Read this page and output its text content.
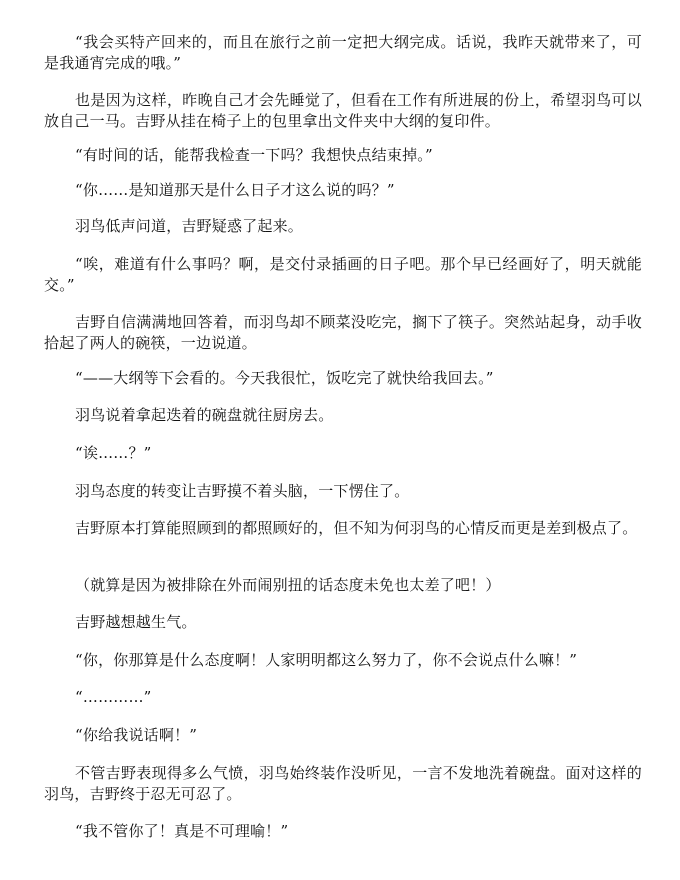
“我会买特产回来的，而且在旅行之前一定把大纲完成。话说，我昨天就带来了，可是我通宵完成的哦。”

也是因为这样，昨晚自己才会先睡觉了，但看在工作有所进展的份上，希望羽鸟可以放自己一马。吉野从挂在椅子上的包里拿出文件夹中大纲的复印件。

“有时间的话，能帮我检查一下吗？我想快点结束掉。”

“你……是知道那天是什么日子才这么说的吗？”

羽鸟低声问道，吉野疑惑了起来。

“唉，难道有什么事吗？啊，是交付录插画的日子吧。那个早已经画好了，明天就能交。”

吉野自信满满地回答着，而羽鸟却不顾菜没吃完，搁下了筷子。突然站起身，动手收拾起了两人的碗筷，一边说道。

“——大纲等下会看的。今天我很忙，饭吃完了就快给我回去。”

羽鸟说着拿起迭着的碗盘就往厨房去。

“诶……？”

羽鸟态度的转变让吉野摸不着头脑，一下愣住了。

吉野原本打算能照顾到的都照顾好的，但不知为何羽鸟的心情反而更是差到极点了。

（就算是因为被排除在外而闹别扭的话态度未免也太差了吧！）

吉野越想越生气。

“你，你那算是什么态度啊！人家明明都这么努力了，你不会说点什么嘛！”

“…………”

“你给我说话啊！”

不管吉野表现得多么气愤，羽鸟始终装作没听见，一言不发地洗着碗盘。面对这样的羽鸟，吉野终于忍无可忍了。

“我不管你了！真是不可理喻！”
